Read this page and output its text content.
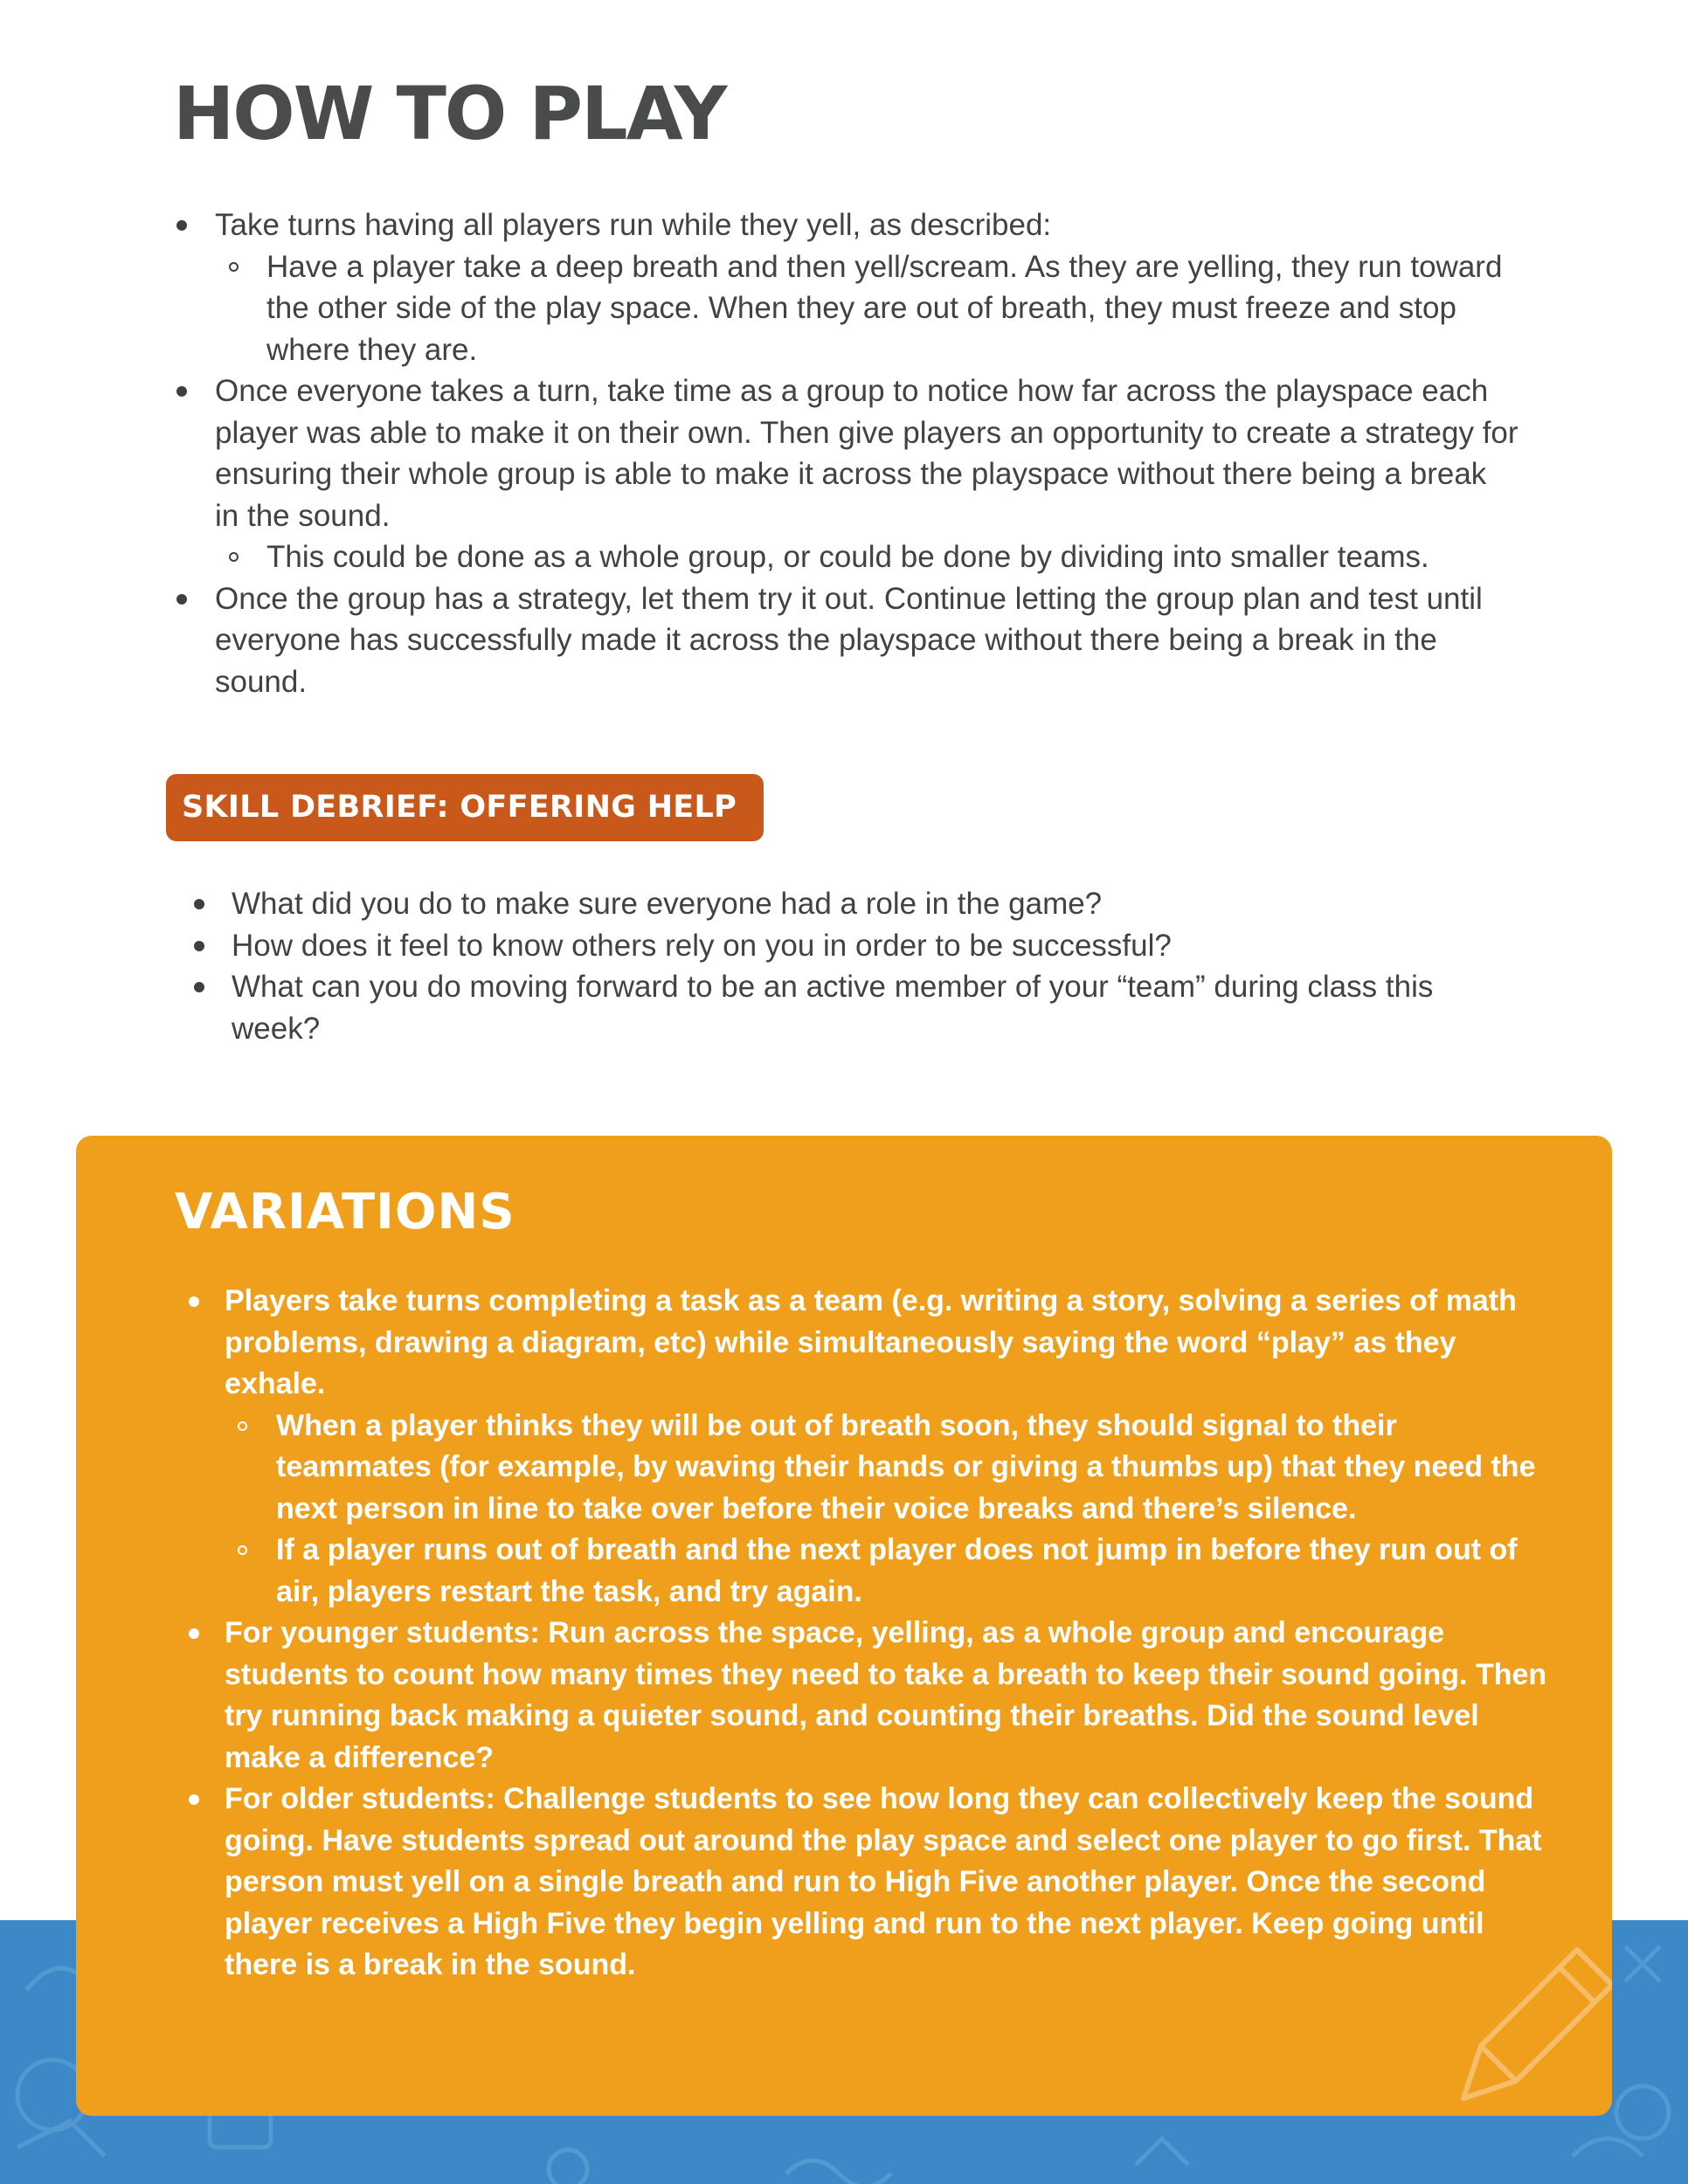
HOW TO PLAY
Take turns having all players run while they yell, as described:
Have a player take a deep breath and then yell/scream. As they are yelling, they run toward the other side of the play space. When they are out of breath, they must freeze and stop where they are.
Once everyone takes a turn, take time as a group to notice how far across the playspace each player was able to make it on their own. Then give players an opportunity to create a strategy for ensuring their whole group is able to make it across the playspace without there being a break in the sound.
This could be done as a whole group, or could be done by dividing into smaller teams.
Once the group has a strategy, let them try it out. Continue letting the group plan and test until everyone has successfully made it across the playspace without there being a break in the sound.
SKILL DEBRIEF: OFFERING HELP
What did you do to make sure everyone had a role in the game?
How does it feel to know others rely on you in order to be successful?
What can you do moving forward to be an active member of your “team” during class this week?
VARIATIONS
Players take turns completing a task as a team (e.g. writing a story, solving a series of math problems, drawing a diagram, etc) while simultaneously saying the word “play” as they exhale.
When a player thinks they will be out of breath soon, they should signal to their teammates (for example, by waving their hands or giving a thumbs up) that they need the next person in line to take over before their voice breaks and there’s silence.
If a player runs out of breath and the next player does not jump in before they run out of air, players restart the task, and try again.
For younger students: Run across the space, yelling, as a whole group and encourage students to count how many times they need to take a breath to keep their sound going. Then try running back making a quieter sound, and counting their breaths. Did the sound level make a difference?
For older students: Challenge students to see how long they can collectively keep the sound going. Have students spread out around the play space and select one player to go first. That person must yell on a single breath and run to High Five another player. Once the second player receives a High Five they begin yelling and run to the next player. Keep going until there is a break in the sound.
